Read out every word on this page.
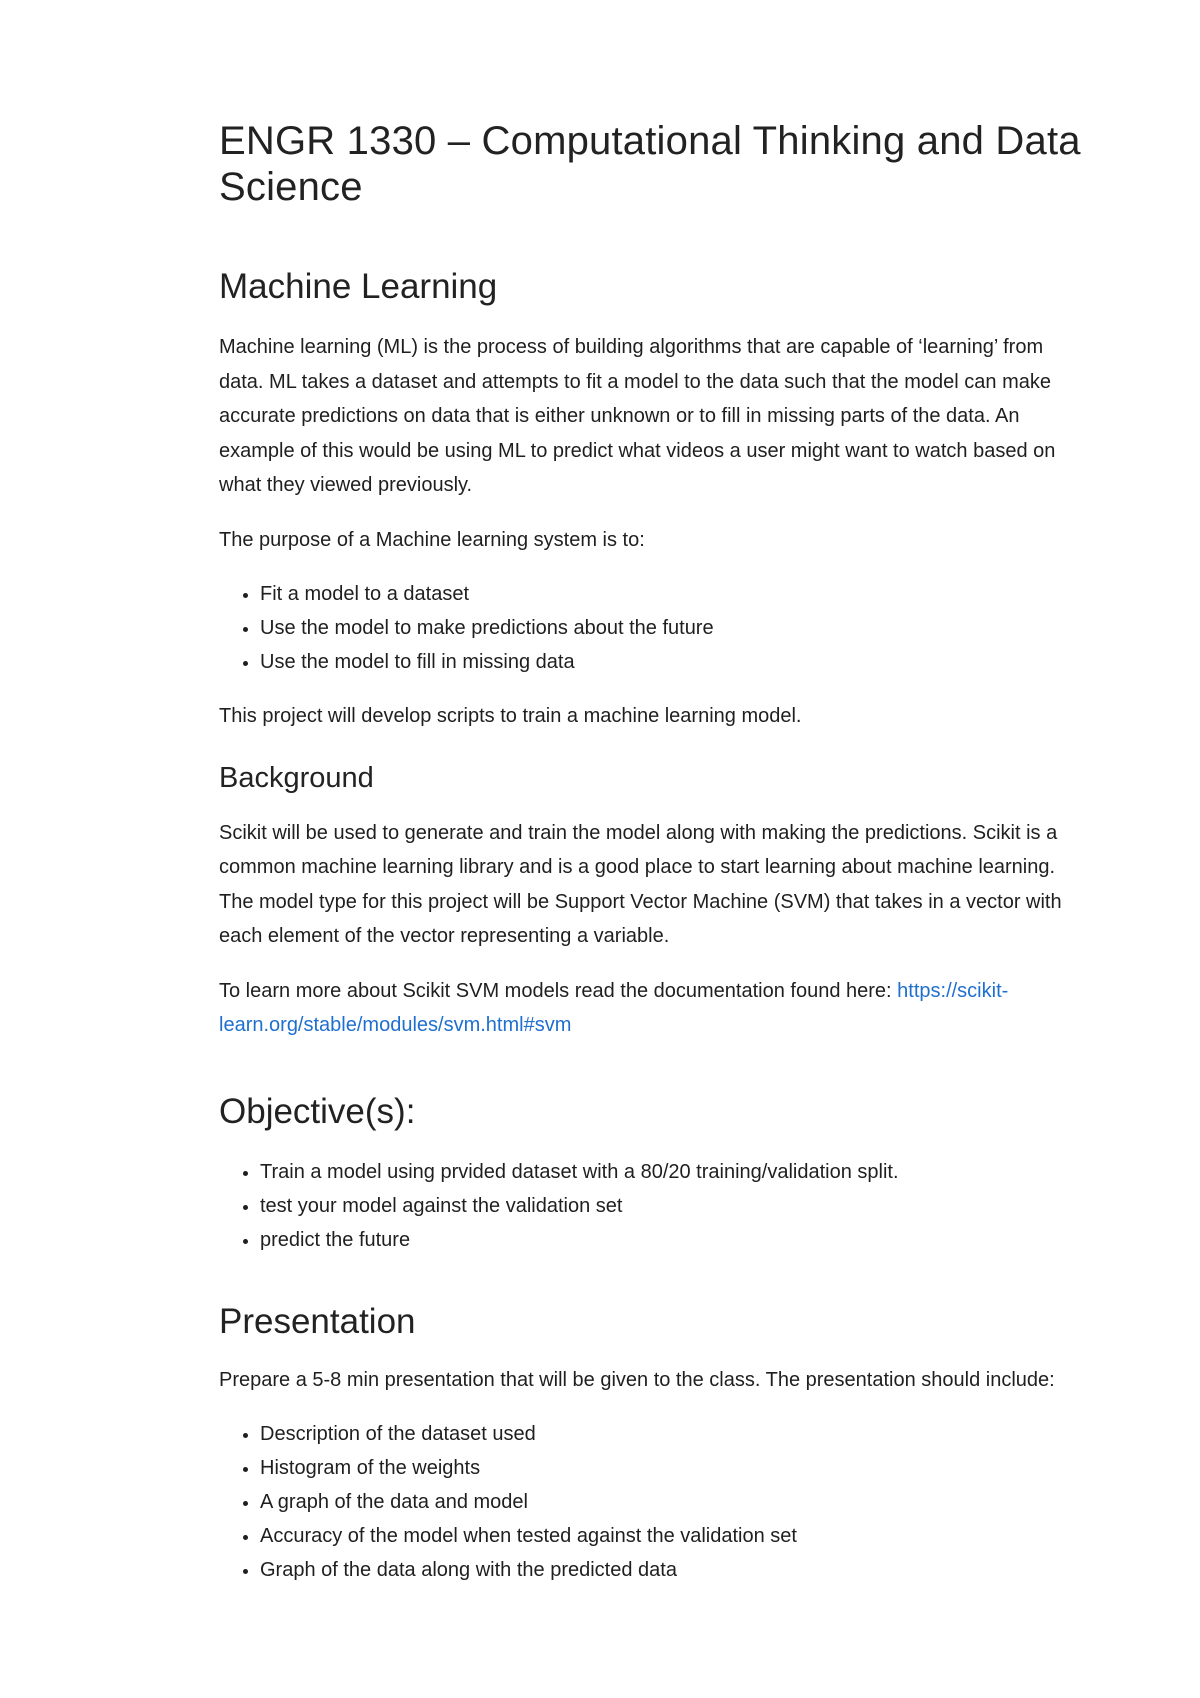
ENGR 1330 – Computational Thinking and Data Science
Machine Learning

Machine learning (ML) is the process of building algorithms that are capable of ‘learning’ from data. ML takes a dataset and attempts to fit a model to the data such that the model can make accurate predictions on data that is either unknown or to fill in missing parts of the data. An example of this would be using ML to predict what videos a user might want to watch based on what they viewed previously.

The purpose of a Machine learning system is to:

• Fit a model to a dataset
• Use the model to make predictions about the future
• Use the model to fill in missing data

This project will develop scripts to train a machine learning model.

Background

Scikit will be used to generate and train the model along with making the predictions. Scikit is a common machine learning library and is a good place to start learning about machine learning. The model type for this project will be Support Vector Machine (SVM) that takes in a vector with each element of the vector representing a variable.

To learn more about Scikit SVM models read the documentation found here: https://scikit-learn.org/stable/modules/svm.html#svm

Objective(s):
• Train a model using prvided dataset with a 80/20 training/validation split.
• test your model against the validation set
• predict the future
Presentation

Prepare a 5-8 min presentation that will be given to the class. The presentation should include:

• Description of the dataset used
• Histogram of the weights
• A graph of the data and model
• Accuracy of the model when tested against the validation set
• Graph of the data along with the predicted data
